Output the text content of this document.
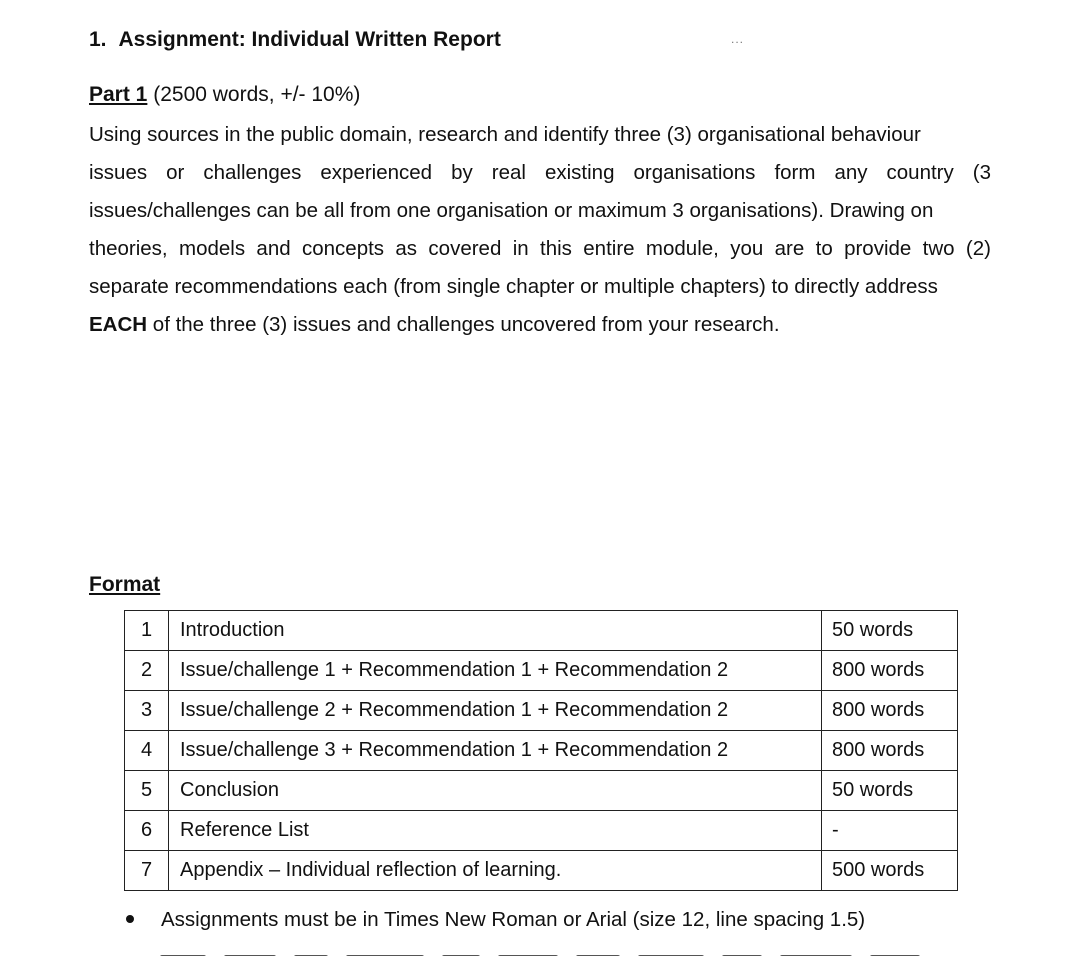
1. Assignment: Individual Written Report	...
Part 1 (2500 words, +/- 10%)
Using sources in the public domain, research and identify three (3) organisational behaviour
issues or challenges experienced by real existing organisations form any country (3
issues/challenges can be all from one organisation or maximum 3 organisations). Drawing on
theories, models and concepts as covered in this entire module, you are to provide two (2)
separate recommendations each (from single chapter or multiple chapters) to directly address
EACH of the three (3) issues and challenges uncovered from your research.
Format
1	Introduction	50 words
2	Issue/challenge 1 + Recommendation 1 + Recommendation 2	800 words
3	Issue/challenge 2 + Recommendation 1 + Recommendation 2	800 words
4	Issue/challenge 3 + Recommendation 1 + Recommendation 2	800 words
5	Conclusion	50 words
6	Reference List	-
7	Appendix – Individual reflection of learning.	500 words
Assignments must be in Times New Roman or Arial (size 12, line spacing 1.5)
